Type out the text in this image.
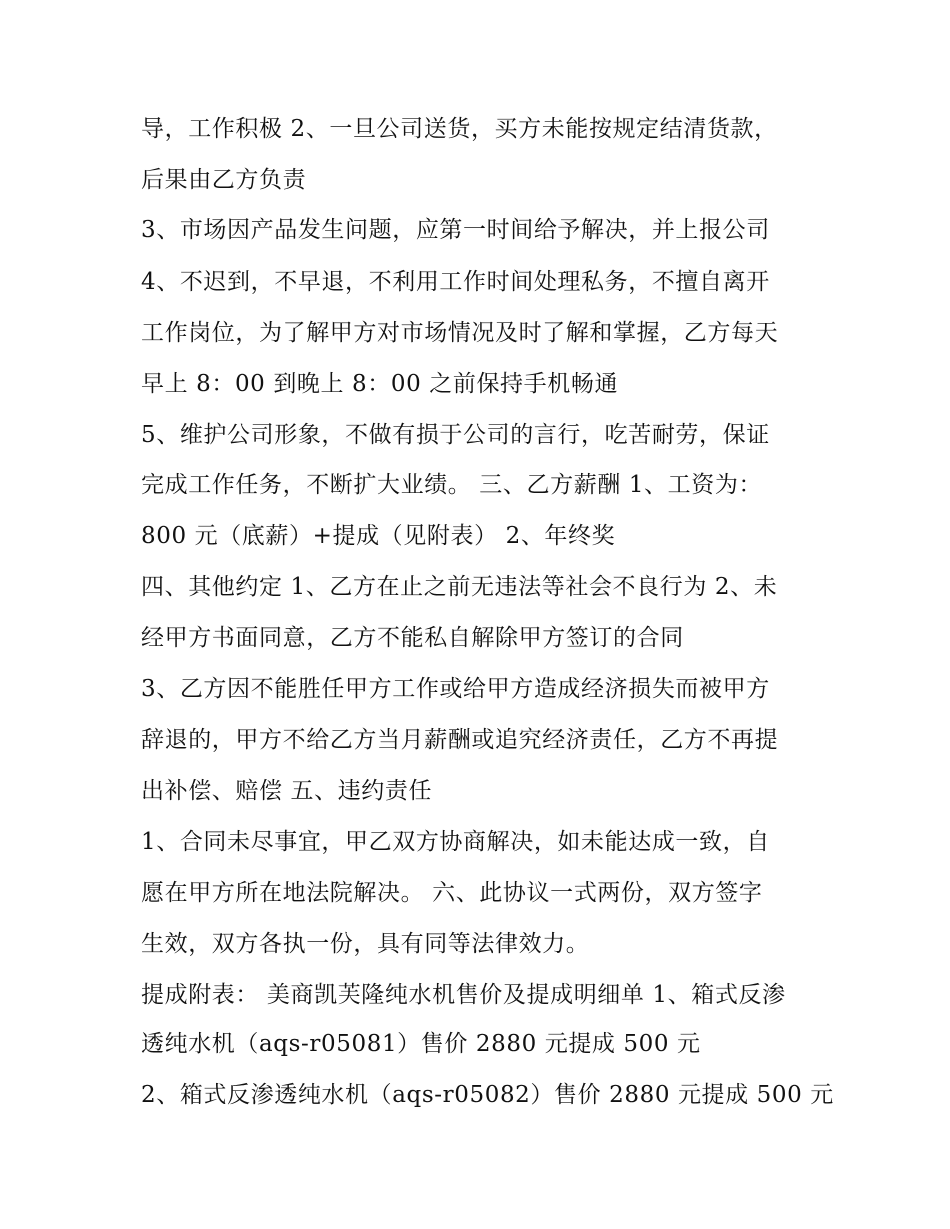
导，工作积极 2、一旦公司送货，买方未能按规定结清货款，
后果由乙方负责
3、市场因产品发生问题，应第一时间给予解决，并上报公司
4、不迟到，不早退，不利用工作时间处理私务，不擅自离开
工作岗位，为了解甲方对市场情况及时了解和掌握，乙方每天
早上 8：00 到晚上 8：00 之前保持手机畅通
5、维护公司形象，不做有损于公司的言行，吃苦耐劳，保证
完成工作任务，不断扩大业绩。 三、乙方薪酬 1、工资为：
800 元（底薪）+提成（见附表） 2、年终奖
四、其他约定 1、乙方在止之前无违法等社会不良行为 2、未
经甲方书面同意，乙方不能私自解除甲方签订的合同
3、乙方因不能胜任甲方工作或给甲方造成经济损失而被甲方
辞退的，甲方不给乙方当月薪酬或追究经济责任，乙方不再提
出补偿、赔偿 五、违约责任
1、合同未尽事宜，甲乙双方协商解决，如未能达成一致，自
愿在甲方所在地法院解决。 六、此协议一式两份，双方签字
生效，双方各执一份，具有同等法律效力。
提成附表： 美商凯芙隆纯水机售价及提成明细单 1、箱式反渗
透纯水机（aqs-r05081）售价 2880 元提成 500 元
2、箱式反渗透纯水机（aqs-r05082）售价 2880 元提成 500 元
